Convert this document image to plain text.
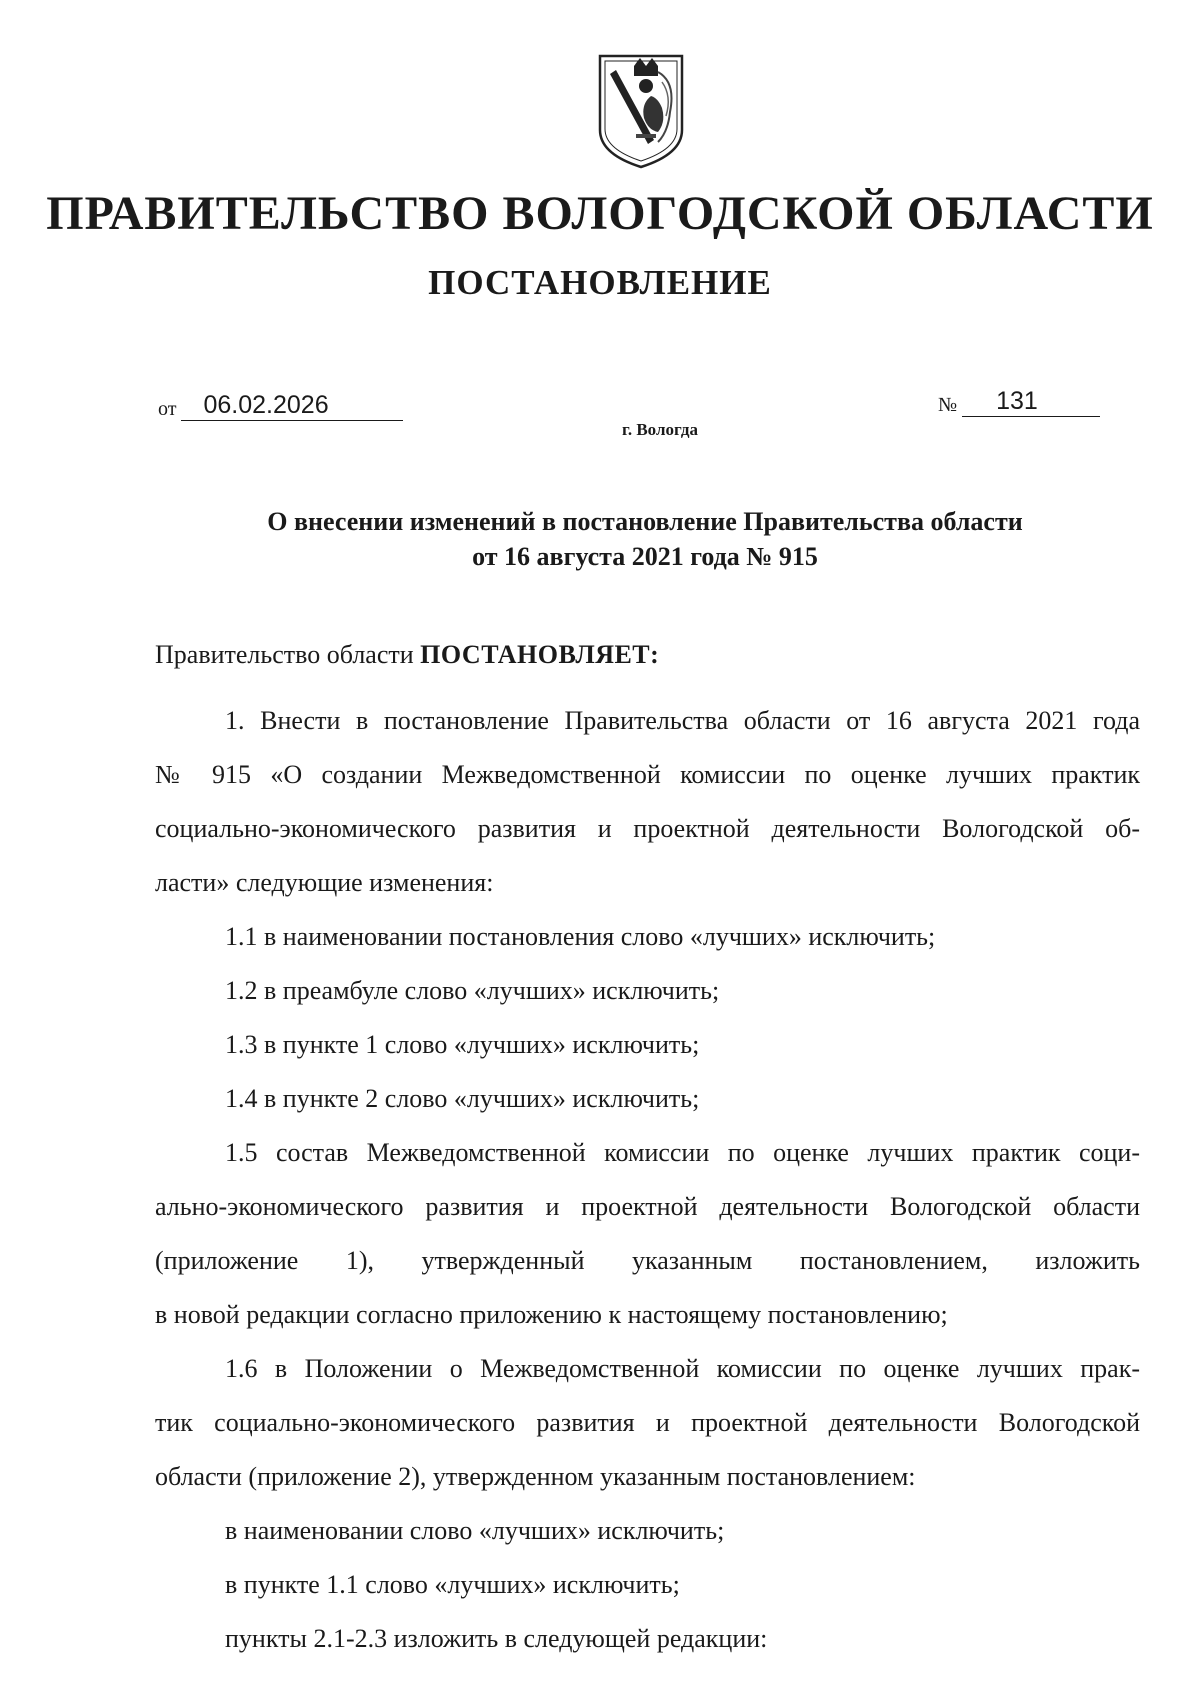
ПРАВИТЕЛЬСТВО ВОЛОГОДСКОЙ ОБЛАСТИ
ПОСТАНОВЛЕНИЕ
от 06.02.2026	№ 131
г. Вологда
О внесении изменений в постановление Правительства области
от 16 августа 2021 года № 915

Правительство области ПОСТАНОВЛЯЕТ:

1. Внести в постановление Правительства области от 16 августа 2021 года
№ 915 «О создании Межведомственной комиссии по оценке лучших практик
социально-экономического развития и проектной деятельности Вологодской об-
ласти» следующие изменения:

1.1 в наименовании постановления слово «лучших» исключить;
1.2 в преамбуле слово «лучших» исключить;
1.3 в пункте 1 слово «лучших» исключить;
1.4 в пункте 2 слово «лучших» исключить;

1.5 состав Межведомственной комиссии по оценке лучших практик соци-
ально-экономического развития и проектной деятельности Вологодской области
(приложение 1), утвержденный указанным постановлением, изложить
в новой редакции согласно приложению к настоящему постановлению;

1.6 в Положении о Межведомственной комиссии по оценке лучших прак-
тик социально-экономического развития и проектной деятельности Вологодской
области (приложение 2), утвержденном указанным постановлением:

в наименовании слово «лучших» исключить;
в пункте 1.1 слово «лучших» исключить;
пункты 2.1-2.3 изложить в следующей редакции:
